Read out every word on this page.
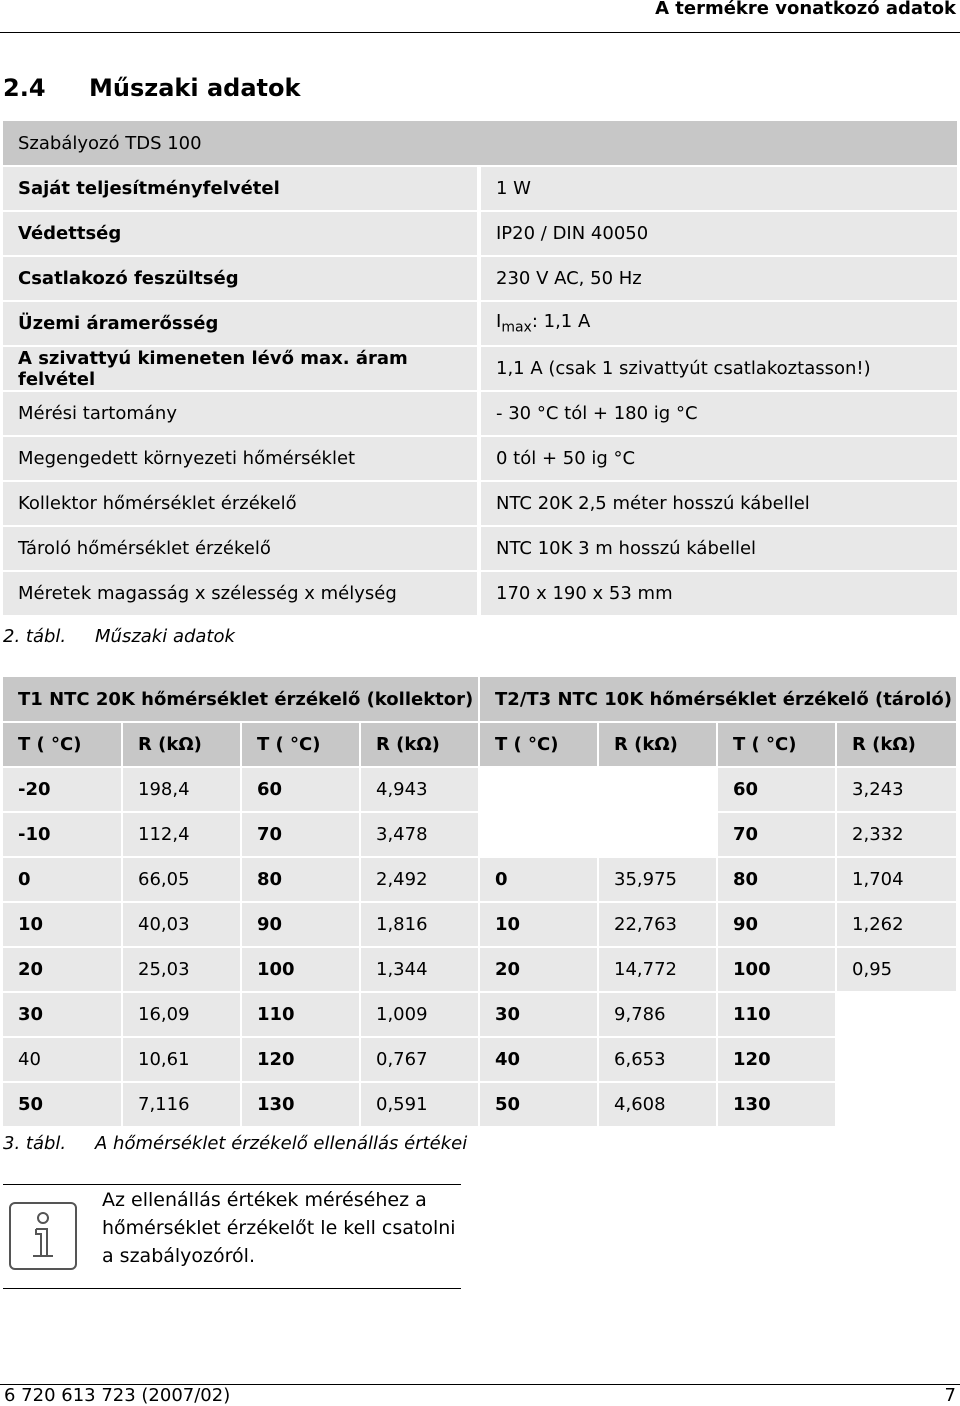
A termékre vonatkozó adatok
2.4 Műszaki adatok
Szabályozó TDS 100	
Saját teljesítményfelvétel	1 W
Védettség	IP20 / DIN 40050
Csatlakozó feszültség	230 V AC, 50 Hz
Üzemi áramerősség	$I_{max}$: 1,1 A
A szivattyú kimeneten lévő max. áram felvétel	1,1 A (csak 1 szivattyút csatlakoztasson!)
Mérési tartomány	- 30 °C tól + 180 ig °C
Megengedett környezeti hőmérséklet	0 tól + 50 ig °C
Kollektor hőmérséklet érzékelő	NTC 20K 2,5 méter hosszú kábellel
Tároló hőmérséklet érzékelő	NTC 10K 3 m hosszú kábellel
Méretek magasság x szélesség x mélység	170 x 190 x 53 mm
2. tábl. Műszaki adatok
T1 NTC 20K hőmérséklet érzékelő (kollektor)				T2/T3 NTC 10K hőmérséklet érzékelő (tároló)			
T ( °C)	R (kΩ)	T ( °C)	R (kΩ)	T ( °C)	R (kΩ)	T ( °C)	R (kΩ)
-20	198,4	60	4,943			60	3,243
-10	112,4	70	3,478			70	2,332
0	66,05	80	2,492	0	35,975	80	1,704
10	40,03	90	1,816	10	22,763	90	1,262
20	25,03	100	1,344	20	14,772	100	0,95
30	16,09	110	1,009	30	9,786	110	
40	10,61	120	0,767	40	6,653	120	
50	7,116	130	0,591	50	4,608	130	
3. tábl. A hőmérséklet érzékelő ellenállás értékei
Az ellenállás értékek méréséhez a hőmérséklet érzékelőt le kell csatolni a szabályozóról.
6 720 613 723 (2007/02)	7
